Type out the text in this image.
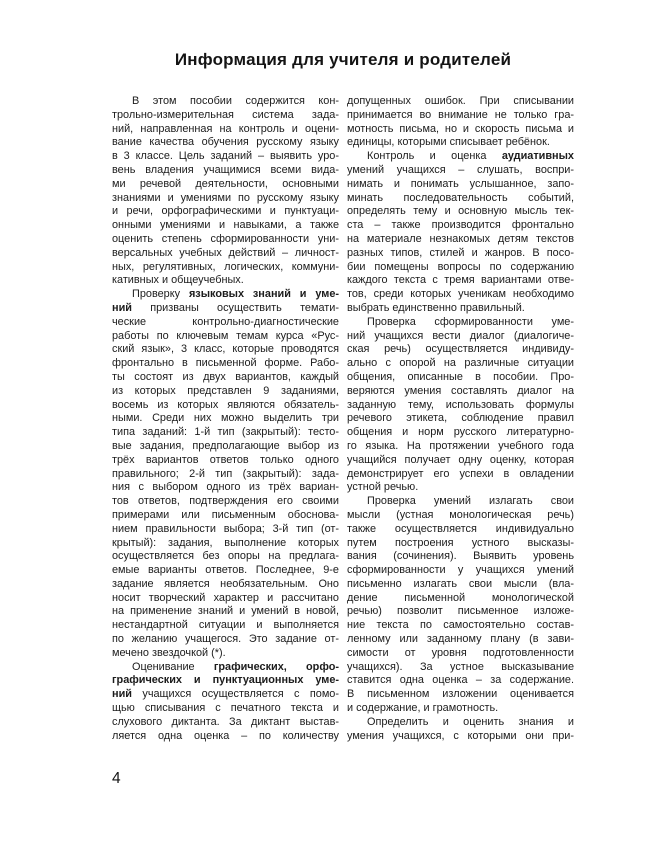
Информация для учителя и родителей
В этом пособии содержится кон-
трольно-измерительная система зада-
ний, направленная на контроль и оцени-
вание качества обучения русскому языку
в 3 классе. Цель заданий – выявить уро-
вень владения учащимися всеми вида-
ми речевой деятельности, основными
знаниями и умениями по русскому языку
и речи, орфографическими и пунктуаци-
онными умениями и навыками, а также
оценить степень сформированности уни-
версальных учебных действий – личност-
ных, регулятивных, логических, коммуни-
кативных и общеучебных.
Проверку языковых знаний и уме-
ний призваны осуществить темати-
ческие контрольно-диагностические
работы по ключевым темам курса «Рус-
ский язык», 3 класс, которые проводятся
фронтально в письменной форме. Рабо-
ты состоят из двух вариантов, каждый
из которых представлен 9 заданиями,
восемь из которых являются обязатель-
ными. Среди них можно выделить три
типа заданий: 1-й тип (закрытый): тесто-
вые задания, предполагающие выбор из
трёх вариантов ответов только одного
правильного; 2-й тип (закрытый): зада-
ния с выбором одного из трёх вариан-
тов ответов, подтверждения его своими
примерами или письменным обоснова-
нием правильности выбора; 3-й тип (от-
крытый): задания, выполнение которых
осуществляется без опоры на предлага-
емые варианты ответов. Последнее, 9-е
задание является необязательным. Оно
носит творческий характер и рассчитано
на применение знаний и умений в новой,
нестандартной ситуации и выполняется
по желанию учащегося. Это задание от-
мечено звездочкой (*).
Оценивание графических, орфо-
графических и пунктуационных уме-
ний учащихся осуществляется с помо-
щью списывания с печатного текста и
слухового диктанта. За диктант выстав-
ляется одна оценка – по количеству
допущенных ошибок. При списывании
принимается во внимание не только гра-
мотность письма, но и скорость письма и
единицы, которыми списывает ребёнок.
Контроль и оценка аудиативных
умений учащихся – слушать, воспри-
нимать и понимать услышанное, запо-
минать последовательность событий,
определять тему и основную мысль тек-
ста – также производится фронтально
на материале незнакомых детям текстов
разных типов, стилей и жанров. В посо-
бии помещены вопросы по содержанию
каждого текста с тремя вариантами отве-
тов, среди которых ученикам необходимо
выбрать единственно правильный.
Проверка сформированности уме-
ний учащихся вести диалог (диалогиче-
ская речь) осуществляется индивиду-
ально с опорой на различные ситуации
общения, описанные в пособии. Про-
веряются умения составлять диалог на
заданную тему, использовать формулы
речевого этикета, соблюдение правил
общения и норм русского литературно-
го языка. На протяжении учебного года
учащийся получает одну оценку, которая
демонстрирует его успехи в овладении
устной речью.
Проверка умений излагать свои
мысли (устная монологическая речь)
также осуществляется индивидуально
путем построения устного высказы-
вания (сочинения). Выявить уровень
сформированности у учащихся умений
письменно излагать свои мысли (вла-
дение письменной монологической
речью) позволит письменное изложе-
ние текста по самостоятельно состав-
ленному или заданному плану (в зави-
симости от уровня подготовленности
учащихся). За устное высказывание
ставится одна оценка – за содержание.
В письменном изложении оценивается
и содержание, и грамотность.
Определить и оценить знания и
умения учащихся, с которыми они при-
4
